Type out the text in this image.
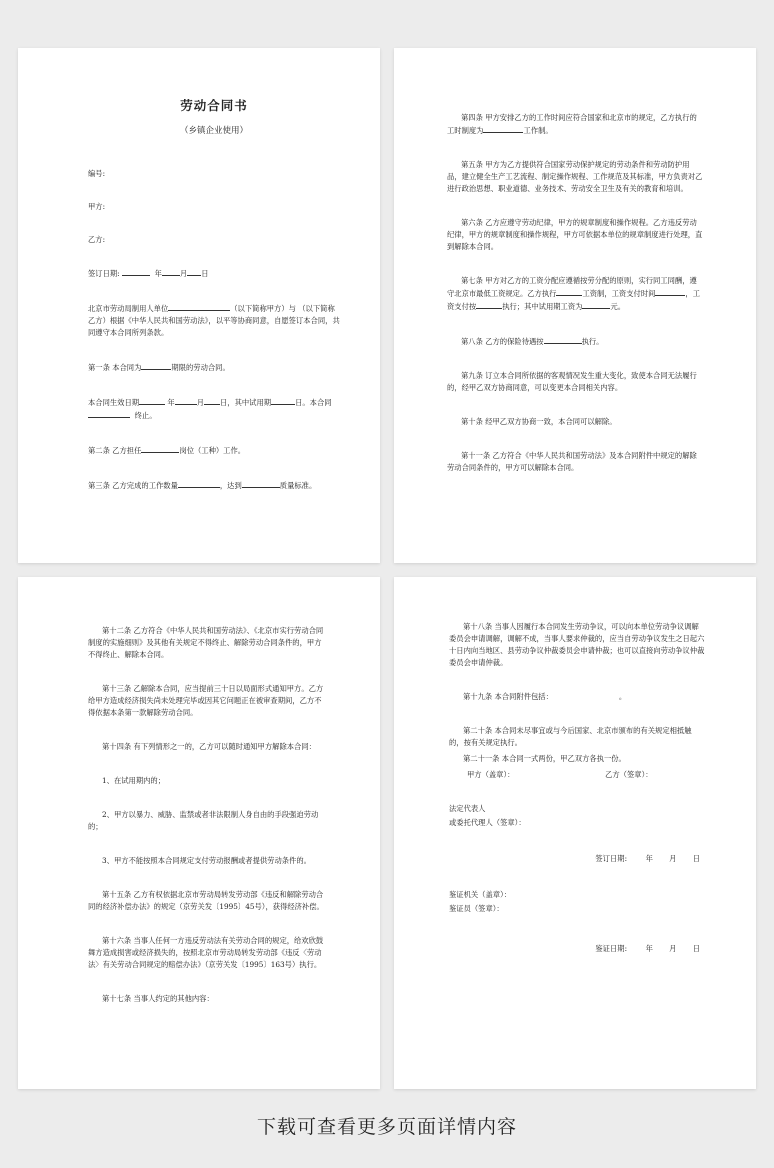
劳动合同书

（乡镇企业使用）

编号:

甲方:

乙方:

签订日期:	年 月 日

北京市劳动局制用人单位	（以下简称甲方）与 （以下简称乙方）根据《中华人民共和国劳动法》，以平等协商同意，自愿签订本合同，共同遵守本合同所列条款。

第一条 本合同为	期限的劳动合同。

本合同生效日期	年	月 日，其中试用期	日。本合同
终止。

第二条 乙方担任	岗位（工种）工作。

第三条 乙方完成的工作数量	，达到	质量标准。

第四条 甲方安排乙方的工作时间应符合国家和北京市的规定，乙方执行的工时制度为	工作制。

第五条 甲方为乙方提供符合国家劳动保护规定的劳动条件和劳动防护用品，建立健全生产工艺流程、制定操作规程、工作规范及其标准，甲方负责对乙进行政治思想、职业道德、业务技术、劳动安全卫生及有关的教育和培训。

第六条 乙方应遵守劳动纪律，甲方的规章制度和操作规程。乙方违反劳动纪律，甲方的规章制度和操作规程，甲方可依据本单位的规章制度进行处理，直到解除本合同。

第七条 甲方对乙方的工资分配应遵循按劳分配的原则，实行同工同酬，遵守北京市最低工资规定。乙方执行	工资制，工资支付时间	，工资支付按	执行；其中试用期工资为	元。

第八条 乙方的保险待遇按	执行。

第九条 订立本合同所依据的客观情况发生重大变化，致使本合同无法履行的，经甲乙双方协商同意，可以变更本合同相关内容。

第十条 经甲乙双方协商一致，本合同可以解除。

第十一条 乙方符合《中华人民共和国劳动法》及本合同附件中规定的解除劳动合同条件的，甲方可以解除本合同。

第十二条 乙方符合《中华人民共和国劳动法》、《北京市实行劳动合同制度的实施细则》及其他有关规定不得终止、解除劳动合同条件的，甲方不得终止、解除本合同。

第十三条 乙解除本合同，应当提前三十日以局面形式通知甲方。乙方给甲方造成经济损失尚未处理完毕或因其它问题正在被审查期间，乙方不得依据本条第一款解除劳动合同。

第十四条 有下列情形之一的，乙方可以随时通知甲方解除本合同：

1、在试用期内的；

2、甲方以暴力、威胁、监禁或者非法限制人身自由的手段强迫劳动的；

3、甲方不能按照本合同规定支付劳动报酬或者提供劳动条件的。

第十五条 乙方有权依据北京市劳动局转发劳动部《违反和解除劳动合同的经济补偿办法》的规定（京劳关发〔1995〕45号），获得经济补偿。

第十六条 当事人任何一方违反劳动法有关劳动合同的规定，给欢欣鼓舞方造成损害或经济损失的，按照北京市劳动局转发劳动部《违反〈劳动法〉有关劳动合同规定的赔偿办法》（京劳关发〔1995〕163号）执行。

第十七条 当事人约定的其他内容：

第十八条 当事人因履行本合同发生劳动争议，可以向本单位劳动争议调解委员会申请调解，调解不成，当事人要求仲裁的，应当自劳动争议发生之日起六十日内向当地区、县劳动争议仲裁委员会申请仲裁；也可以直接向劳动争议仲裁委员会申请仲裁。

第十九条 本合同附件包括：	。

第二十条 本合同未尽事宜或与今后国家、北京市颁布的有关规定相抵触的，按有关规定执行。

第二十一条 本合同一式两份，甲乙双方各执一份。

甲方（盖章）：	乙方（签章）：

法定代表人

或委托代理人（签章）：

签订日期:	年 月 日

鉴证机关（盖章）：

鉴证员（签章）：

鉴证日期:	年 月 日

下载可查看更多页面详情内容
